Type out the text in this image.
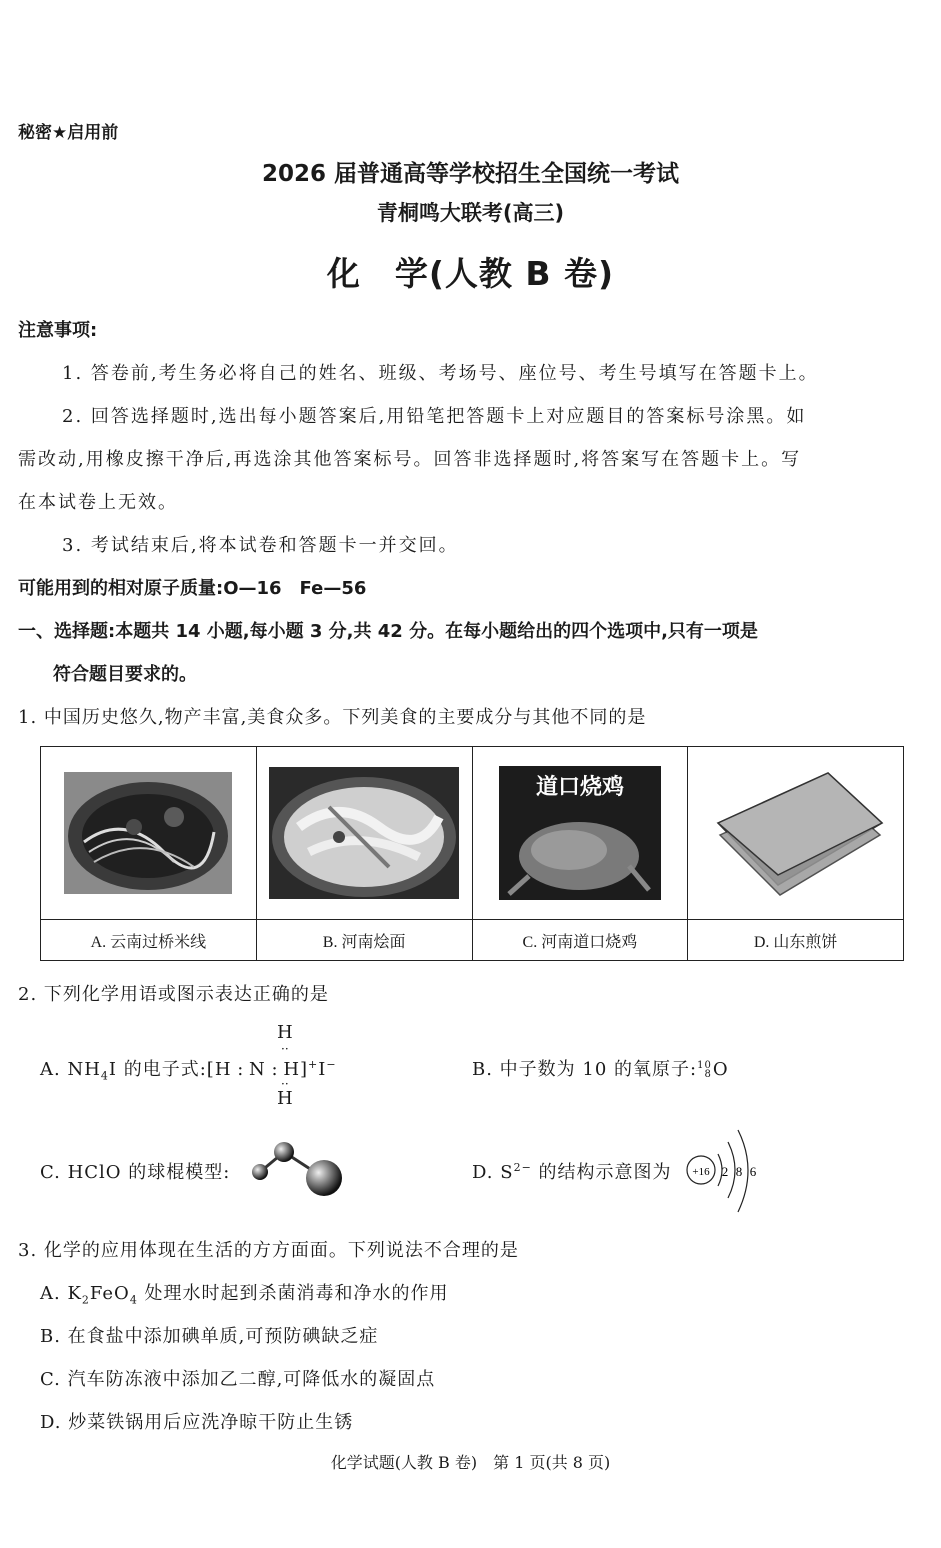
秘密★启用前
2026 届普通高等学校招生全国统一考试
青桐鸣大联考(高三)
化　学(人教 B 卷)
注意事项:
1. 答卷前,考生务必将自己的姓名、班级、考场号、座位号、考生号填写在答题卡上。
2. 回答选择题时,选出每小题答案后,用铅笔把答题卡上对应题目的答案标号涂黑。如
需改动,用橡皮擦干净后,再选涂其他答案标号。回答非选择题时,将答案写在答题卡上。写
在本试卷上无效。
3. 考试结束后,将本试卷和答题卡一并交回。
可能用到的相对原子质量:O—16　Fe—56
一、选择题:本题共 14 小题,每小题 3 分,共 42 分。在每小题给出的四个选项中,只有一项是
符合题目要求的。
1. 中国历史悠久,物产丰富,美食众多。下列美食的主要成分与其他不同的是

道口烧鸡

A. 云南过桥米线	B. 河南烩面	C. 河南道口烧鸡	D. 山东煎饼
2. 下列化学用语或图示表达正确的是
A. $NH_4I$ 的电子式:[H : N : H]+I−
H
··
··
H
B. 中子数为 10 的氧原子:10
8O
C. HClO 的球棍模型:	D. $S^{2-}$ 的结构示意图为 +16 2 8 6
3. 化学的应用体现在生活的方方面面。下列说法不合理的是
A. $K_2FeO_4$ 处理水时起到杀菌消毒和净水的作用
B. 在食盐中添加碘单质,可预防碘缺乏症
C. 汽车防冻液中添加乙二醇,可降低水的凝固点
D. 炒菜铁锅用后应洗净晾干防止生锈
化学试题(人教 B 卷)　第 1 页(共 8 页)
